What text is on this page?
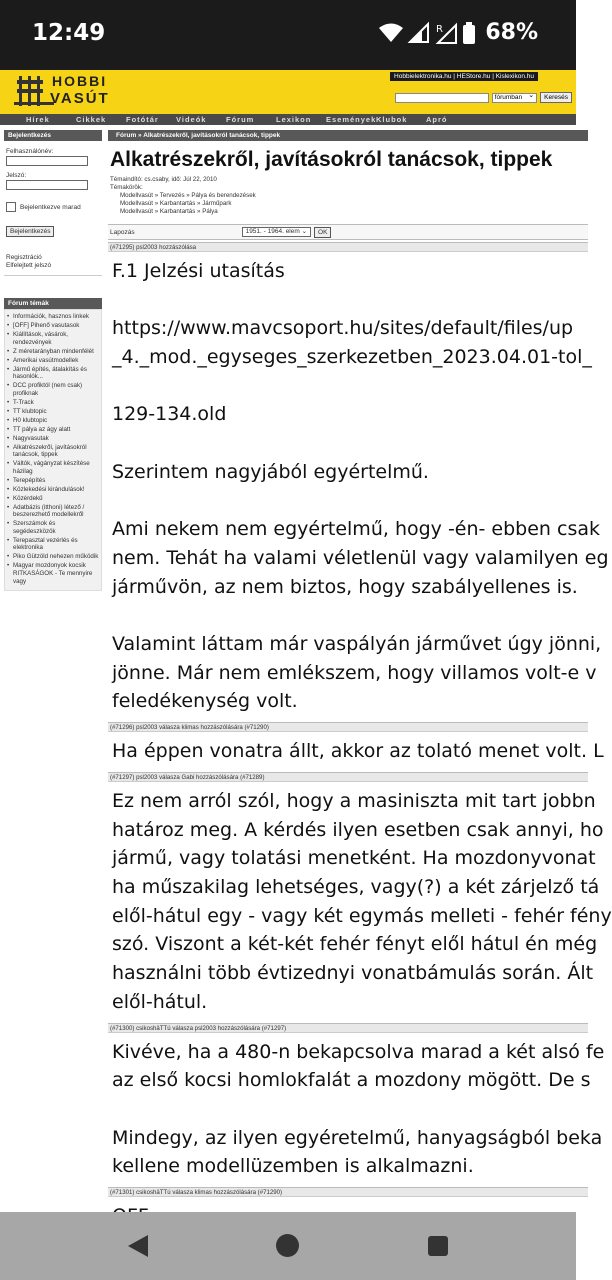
12:49	R 68%
HOBBI
VASÚT
Hobbielektronika.hu | HEStore.hu | Kislexikon.hu
fórumban ⌄	Keresés
Hírek	Cikkek	Fotótár	Videók	Fórum	Lexikon	Események Klubok	Apró
Bejelentkezés
Felhasználónév:
Jelszó:
Bejelentkezve marad
Bejelentkezés
Regisztráció
Elfelejtett jelszó
Fórum témák
• Információk, hasznos linkek
• [OFF] Pihenő vasutasok
• Kiállítások, vásárok, rendezvények
• Z méretarányban mindenfélét
• Amerikai vasútmodellek
• Jármű építés, átalakítás és hasonlók...
• DCC profiktól (nem csak) profiknak
• T-Track
• TT klubtopic
• H0 klubtopic
• TT pálya az ágy alatt
• Nagyvasutak
• Alkatrészekről, javításokról tanácsok, tippek
• Váltók, vágányzat készítése házilag
• Terepépítés
• Közlekedési kirándulások!
• Közérdekű
• Adatbázis (itthoni) létező / beszerezhető modellekről
• Szerszámok és segédeszközök
• Terepasztal vezérlés és elektronika
• Piko Gützöld nehezen működik
• Magyar mozdonyok kocsik RITKASÁGOK - Te mennyire vagy
Fórum » Alkatrészekről, javításokról tanácsok, tippek
Alkatrészekről, javításokról tanácsok, tippek
Témaindító: cs.csaby, idő: Júl 22, 2010
Témakörök:
Modellvasút » Tervezés » Pálya és berendezések
Modellvasút » Karbantartás » Járműpark
Modellvasút » Karbantartás » Pálya
Lapozás	1951. - 1964. elem ⌄	OK
(#71295) psl2003 hozzászólása
F.1 Jelzési utasítás
https://www.mavcsoport.hu/sites/default/files/up
_4._mod._egyseges_szerkezetben_2023.04.01-tol_
129-134.old
Szerintem nagyjából egyértelmű.
Ami nekem nem egyértelmű, hogy -én- ebben csak
nem. Tehát ha valami véletlenül vagy valamilyen eg
járművön, az nem biztos, hogy szabályellenes is.
Valamint láttam már vaspályán járművet úgy jönni,
jönne. Már nem emlékszem, hogy villamos volt-e v
feledékenység volt.
(#71296) psl2003 válasza klimas hozzászólására (#71290)
Ha éppen vonatra állt, akkor az tolató menet volt. L
(#71297) psl2003 válasza Gabi hozzászólására (#71289)
Ez nem arról szól, hogy a masiniszta mit tart jobbn
határoz meg. A kérdés ilyen esetben csak annyi, ho
jármű, vagy tolatási menetként. Ha mozdonyvonat
ha műszakilag lehetséges, vagy(?) a két zárjelző tá
elől-hátul egy - vagy két egymás melleti - fehér fény
szó. Viszont a két-két fehér fényt elől hátul én még
használni több évtizednyi vonatbámulás során. Ált
elől-hátul.
(#71300) csikoshäTTú válasza psl2003 hozzászólására (#71297)
Kivéve, ha a 480-n bekapcsolva marad a két alsó fe
az első kocsi homlokfalát a mozdony mögött. De s
Mindegy, az ilyen egyéretelmű, hanyagságból beka
kellene modellüzemben is alkalmazni.
(#71301) csikoshäTTú válasza klimas hozzászólására (#71290)
